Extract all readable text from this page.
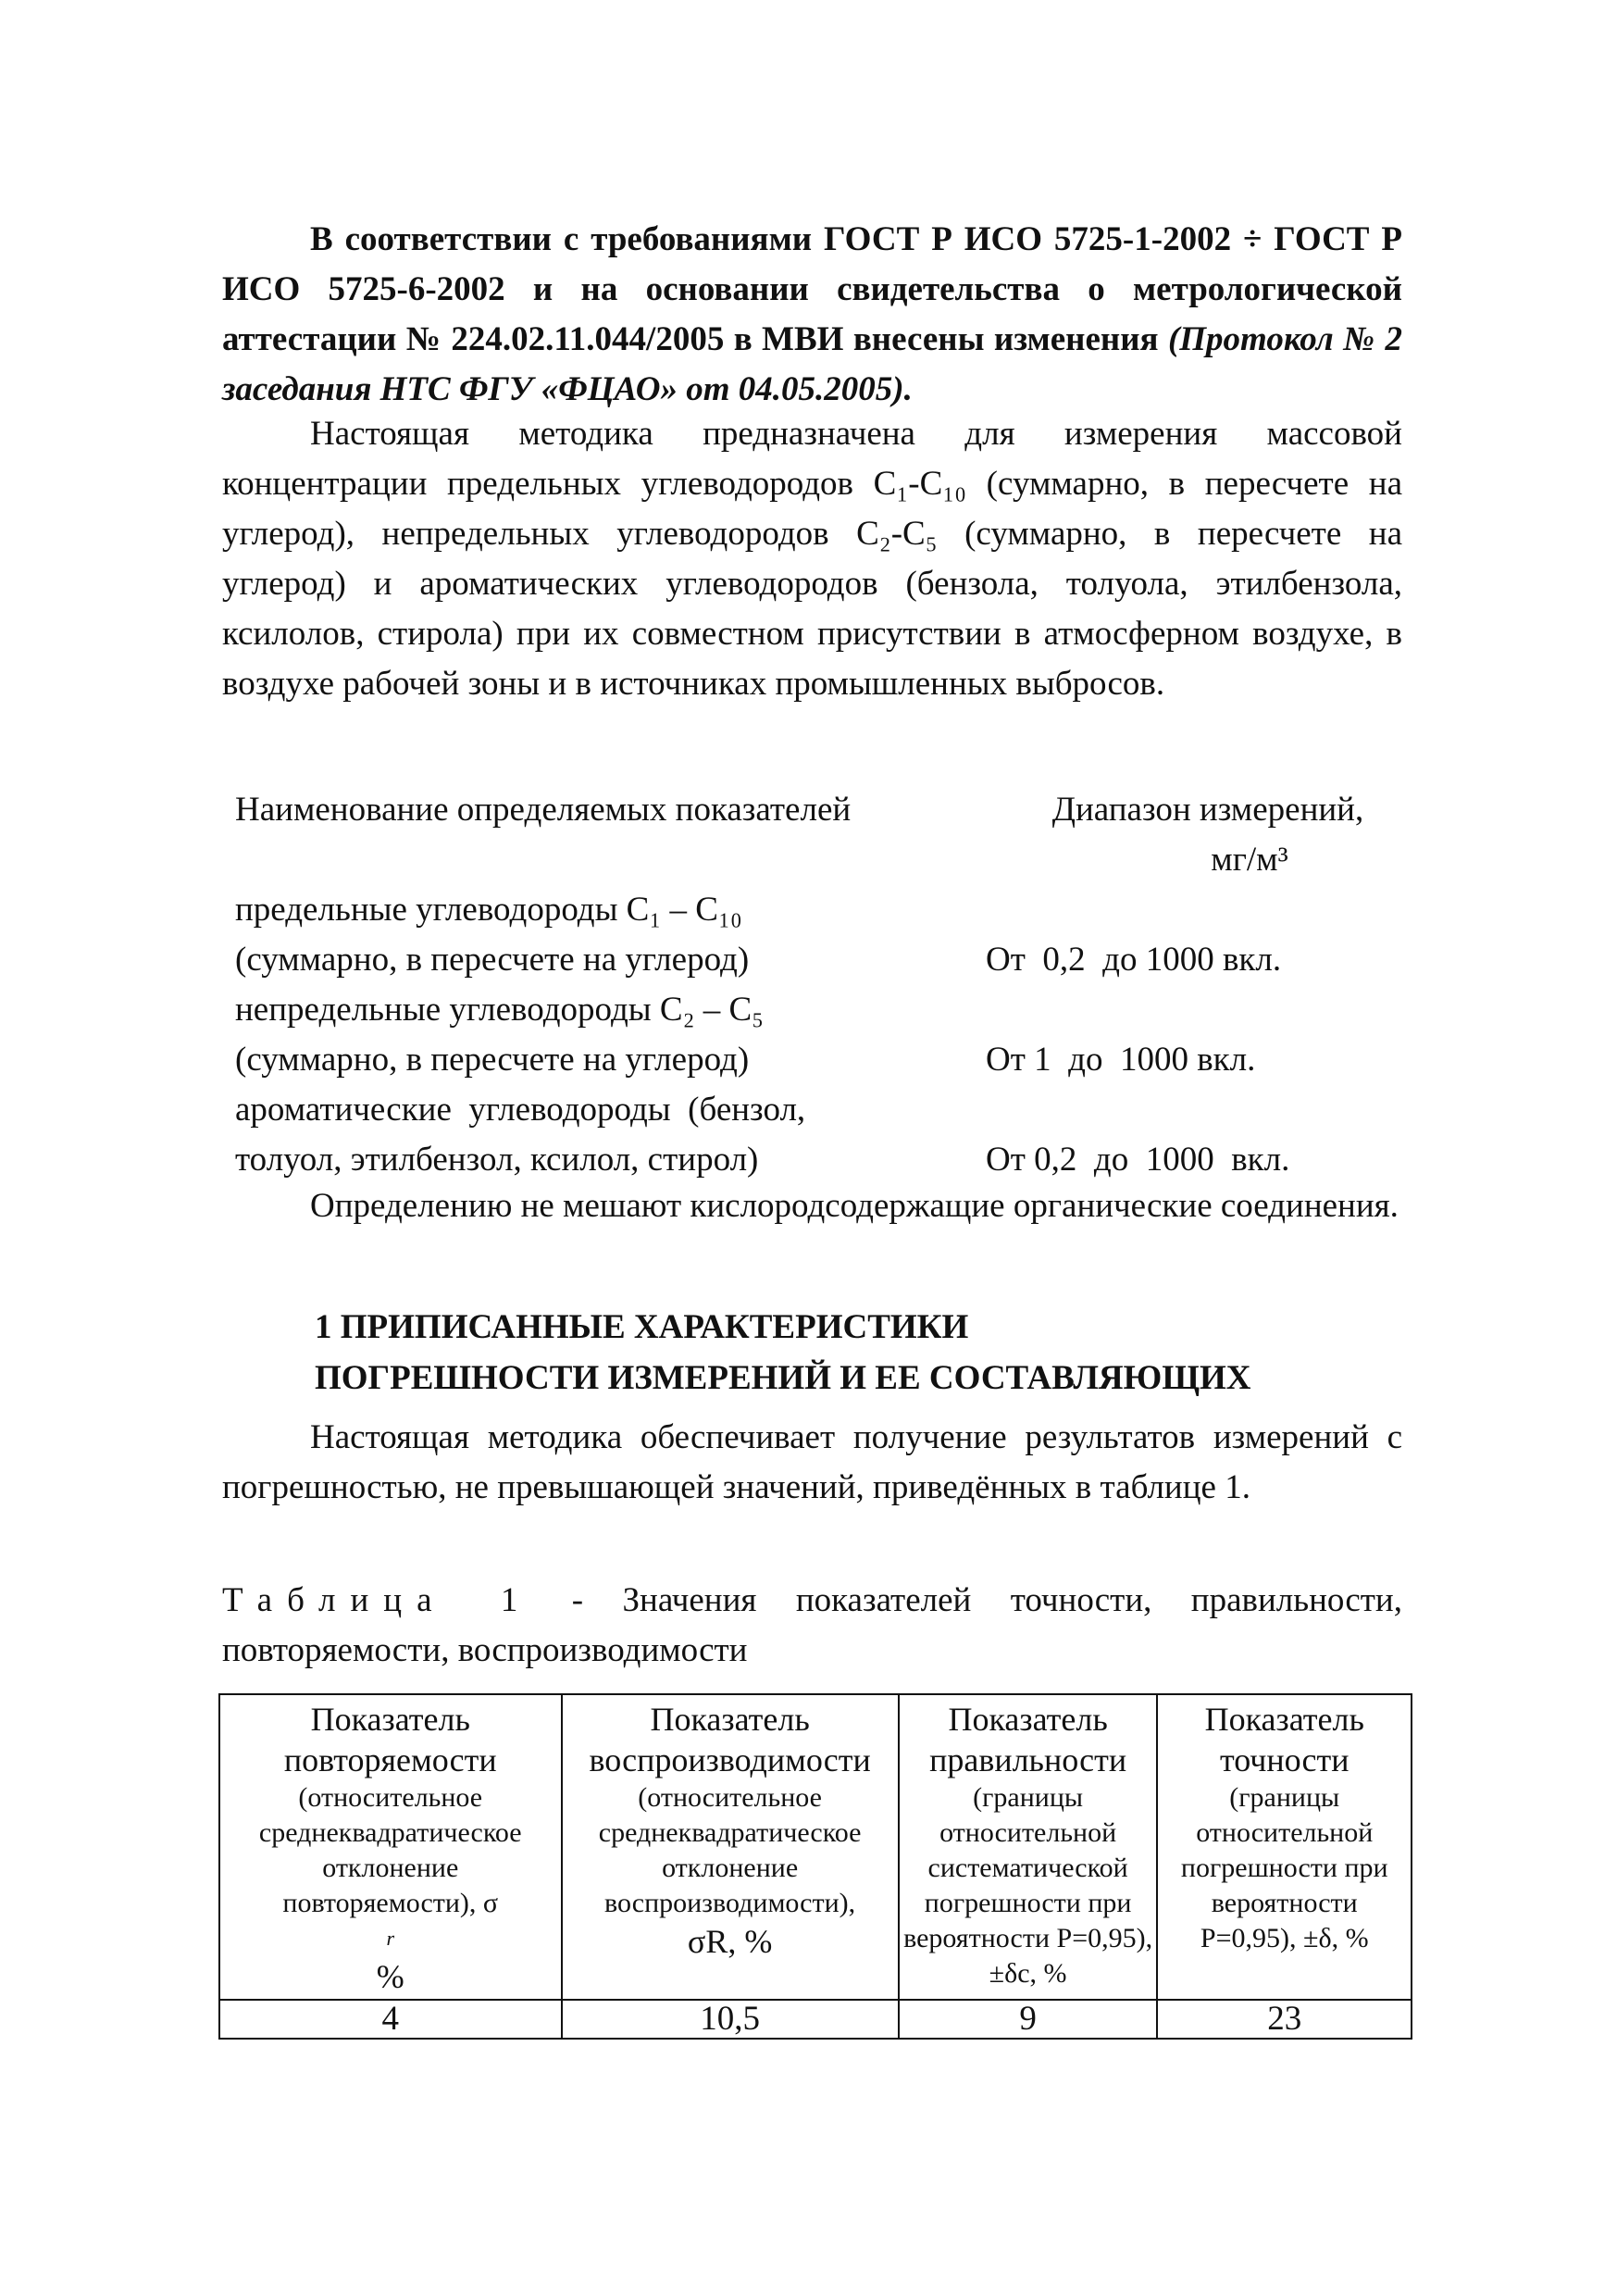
В соответствии с требованиями ГОСТ Р ИСО 5725-1-2002 ÷ ГОСТ Р ИСО 5725-6-2002 и на основании свидетельства о метрологической аттестации № 224.02.11.044/2005 в МВИ внесены изменения (Протокол № 2 заседания НТС ФГУ «ФЦАО» от 04.05.2005).

Настоящая методика предназначена для измерения массовой концентрации предельных углеводородов С₁-С₁₀ (суммарно, в пересчете на углерод), непредельных углеводородов С₂-С₅ (суммарно, в пересчете на углерод) и ароматических углеводородов (бензола, толуола, этилбензола, ксилолов, стирола) при их совместном присутствии в атмосферном воздухе, в воздухе рабочей зоны и в источниках промышленных выбросов.

Наименование определяемых показателей	Диапазон измерений,
мг/м³
предельные углеводороды С₁ – С₁₀
(суммарно, в пересчете на углерод)
	От  0,2  до 1000 вкл.
непредельные углеводороды С₂ – С₅
(суммарно, в пересчете на углерод)
	От 1  до  1000 вкл.
ароматические  углеводороды  (бензол,
толуол, этилбензол, ксилол, стирол)
	От 0,2  до  1000  вкл.

Определению не мешают кислородсодержащие органические соединения.

1 ПРИПИСАННЫЕ ХАРАКТЕРИСТИКИ
ПОГРЕШНОСТИ ИЗМЕРЕНИЙ И ЕЕ СОСТАВЛЯЮЩИХ

Настоящая методика обеспечивает получение результатов измерений с погрешностью, не превышающей значений, приведённых в таблице 1.

Таблица 1 - Значения показателей точности, правильности, повторяемости, воспроизводимости

Показатель повторяемости
(относительное среднеквадратическое отклонение повторяемости), σ
r
%	Показатель воспроизводимости
(относительное среднеквадратическое отклонение воспроизводимости),
σR, %	Показатель правильности
(границы относительной систематической погрешности при вероятности Р=0,95), ±δс, %	Показатель точности
(границы относительной погрешности при вероятности Р=0,95), ±δ, %

4	10,5	9	23
